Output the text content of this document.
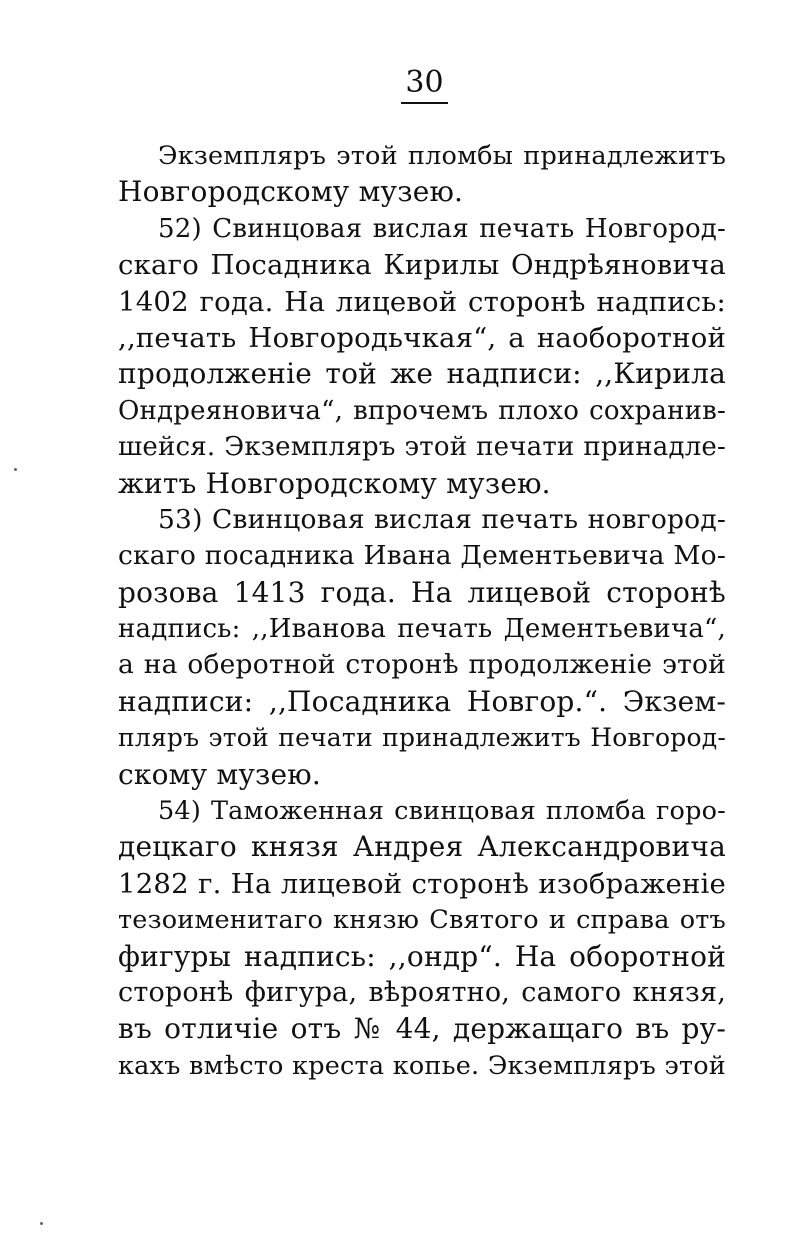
30
Экземпляръ этой пломбы принадлежитъ
Новгородскому музею.
52) Свинцовая вислая печать Новгород-
скаго Посадника Кирилы Ондрѣяновича
1402 года. На лицевой сторонѣ надпись:
,,печать Новгородьчкая“, а наоборотной
продолженіе той же надписи: ,,Кирила
Ондреяновича“, впрочемъ плохо сохранив-
шейся. Экземпляръ этой печати принадле-
житъ Новгородскому музею.
53) Свинцовая вислая печать новгород-
скаго посадника Ивана Дементьевича Мо-
розова 1413 года. На лицевой сторонѣ
надпись: ,,Иванова печать Дементьевича“,
а на оберотной сторонѣ продолженіе этой
надписи: ,,Посадника Новгор.“. Экзем-
пляръ этой печати принадлежитъ Новгород-
скому музею.
54) Таможенная свинцовая пломба горо-
децкаго князя Андрея Александровича
1282 г. На лицевой сторонѣ изображеніе
тезоименитаго князю Святого и справа отъ
фигуры надпись: ,,ондр“. На оборотной
сторонѣ фигура, вѣроятно, самого князя,
въ отличіе отъ № 44, держащаго въ ру-
кахъ вмѣсто креста копье. Экземпляръ этой
